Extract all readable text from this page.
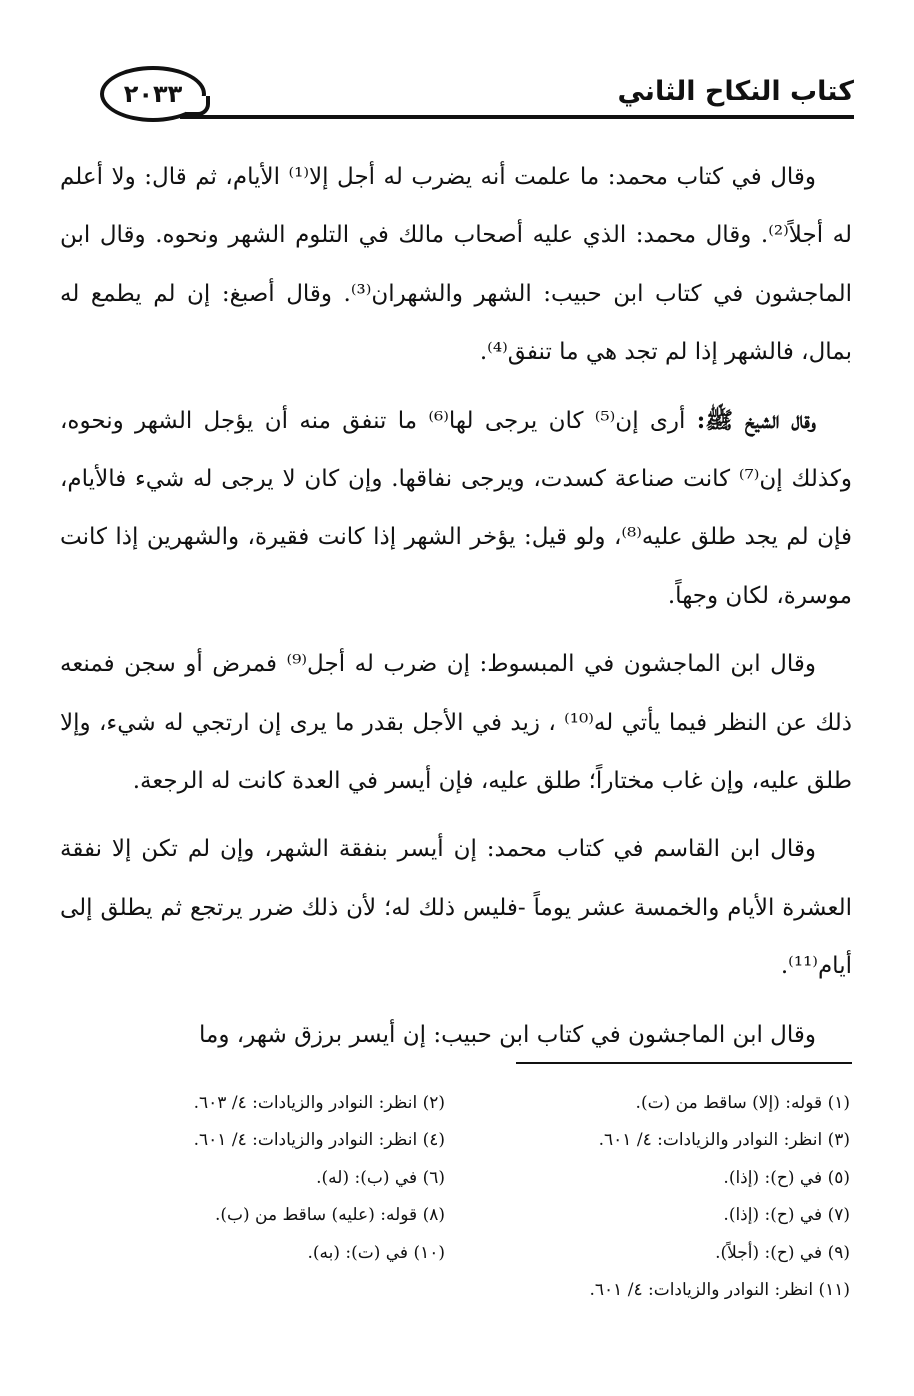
كتاب النكاح الثاني
٢٠٣٣

وقال في كتاب محمد: ما علمت أنه يضرب له أجل إلا⁽¹⁾ الأيام، ثم قال: ولا أعلم له أجلاً⁽²⁾. وقال محمد: الذي عليه أصحاب مالك في التلوم الشهر ونحوه. وقال ابن الماجشون في كتاب ابن حبيب: الشهر والشهران⁽³⁾. وقال أصبغ: إن لم يطمع له بمال، فالشهر إذا لم تجد هي ما تنفق⁽⁴⁾.

وقال الشيخ ﷺ: أرى إن⁽⁵⁾ كان يرجى لها⁽⁶⁾ ما تنفق منه أن يؤجل الشهر ونحوه، وكذلك إن⁽⁷⁾ كانت صناعة كسدت، ويرجى نفاقها. وإن كان لا يرجى له شيء فالأيام، فإن لم يجد طلق عليه⁽⁸⁾، ولو قيل: يؤخر الشهر إذا كانت فقيرة، والشهرين إذا كانت موسرة، لكان وجهاً.

وقال ابن الماجشون في المبسوط: إن ضرب له أجل⁽⁹⁾ فمرض أو سجن فمنعه ذلك عن النظر فيما يأتي له⁽¹⁰⁾ ، زيد في الأجل بقدر ما يرى إن ارتجي له شيء، وإلا طلق عليه، وإن غاب مختاراً؛ طلق عليه، فإن أيسر في العدة كانت له الرجعة.

وقال ابن القاسم في كتاب محمد: إن أيسر بنفقة الشهر، وإن لم تكن إلا نفقة العشرة الأيام والخمسة عشر يوماً -فليس ذلك له؛ لأن ذلك ضرر يرتجع ثم يطلق إلى أيام⁽¹¹⁾.

وقال ابن الماجشون في كتاب ابن حبيب: إن أيسر برزق شهر، وما

(١) قوله: (إلا) ساقط من (ت).
(٢) انظر: النوادر والزيادات: ٤/ ٦٠٣.
(٣) انظر: النوادر والزيادات: ٤/ ٦٠١.
(٤) انظر: النوادر والزيادات: ٤/ ٦٠١.
(٥) في (ح): (إذا).
(٦) في (ب): (له).
(٧) في (ح): (إذا).
(٨) قوله: (عليه) ساقط من (ب).
(٩) في (ح): (أجلاً).
(١٠) في (ت): (به).
(١١) انظر: النوادر والزيادات: ٤/ ٦٠١.
